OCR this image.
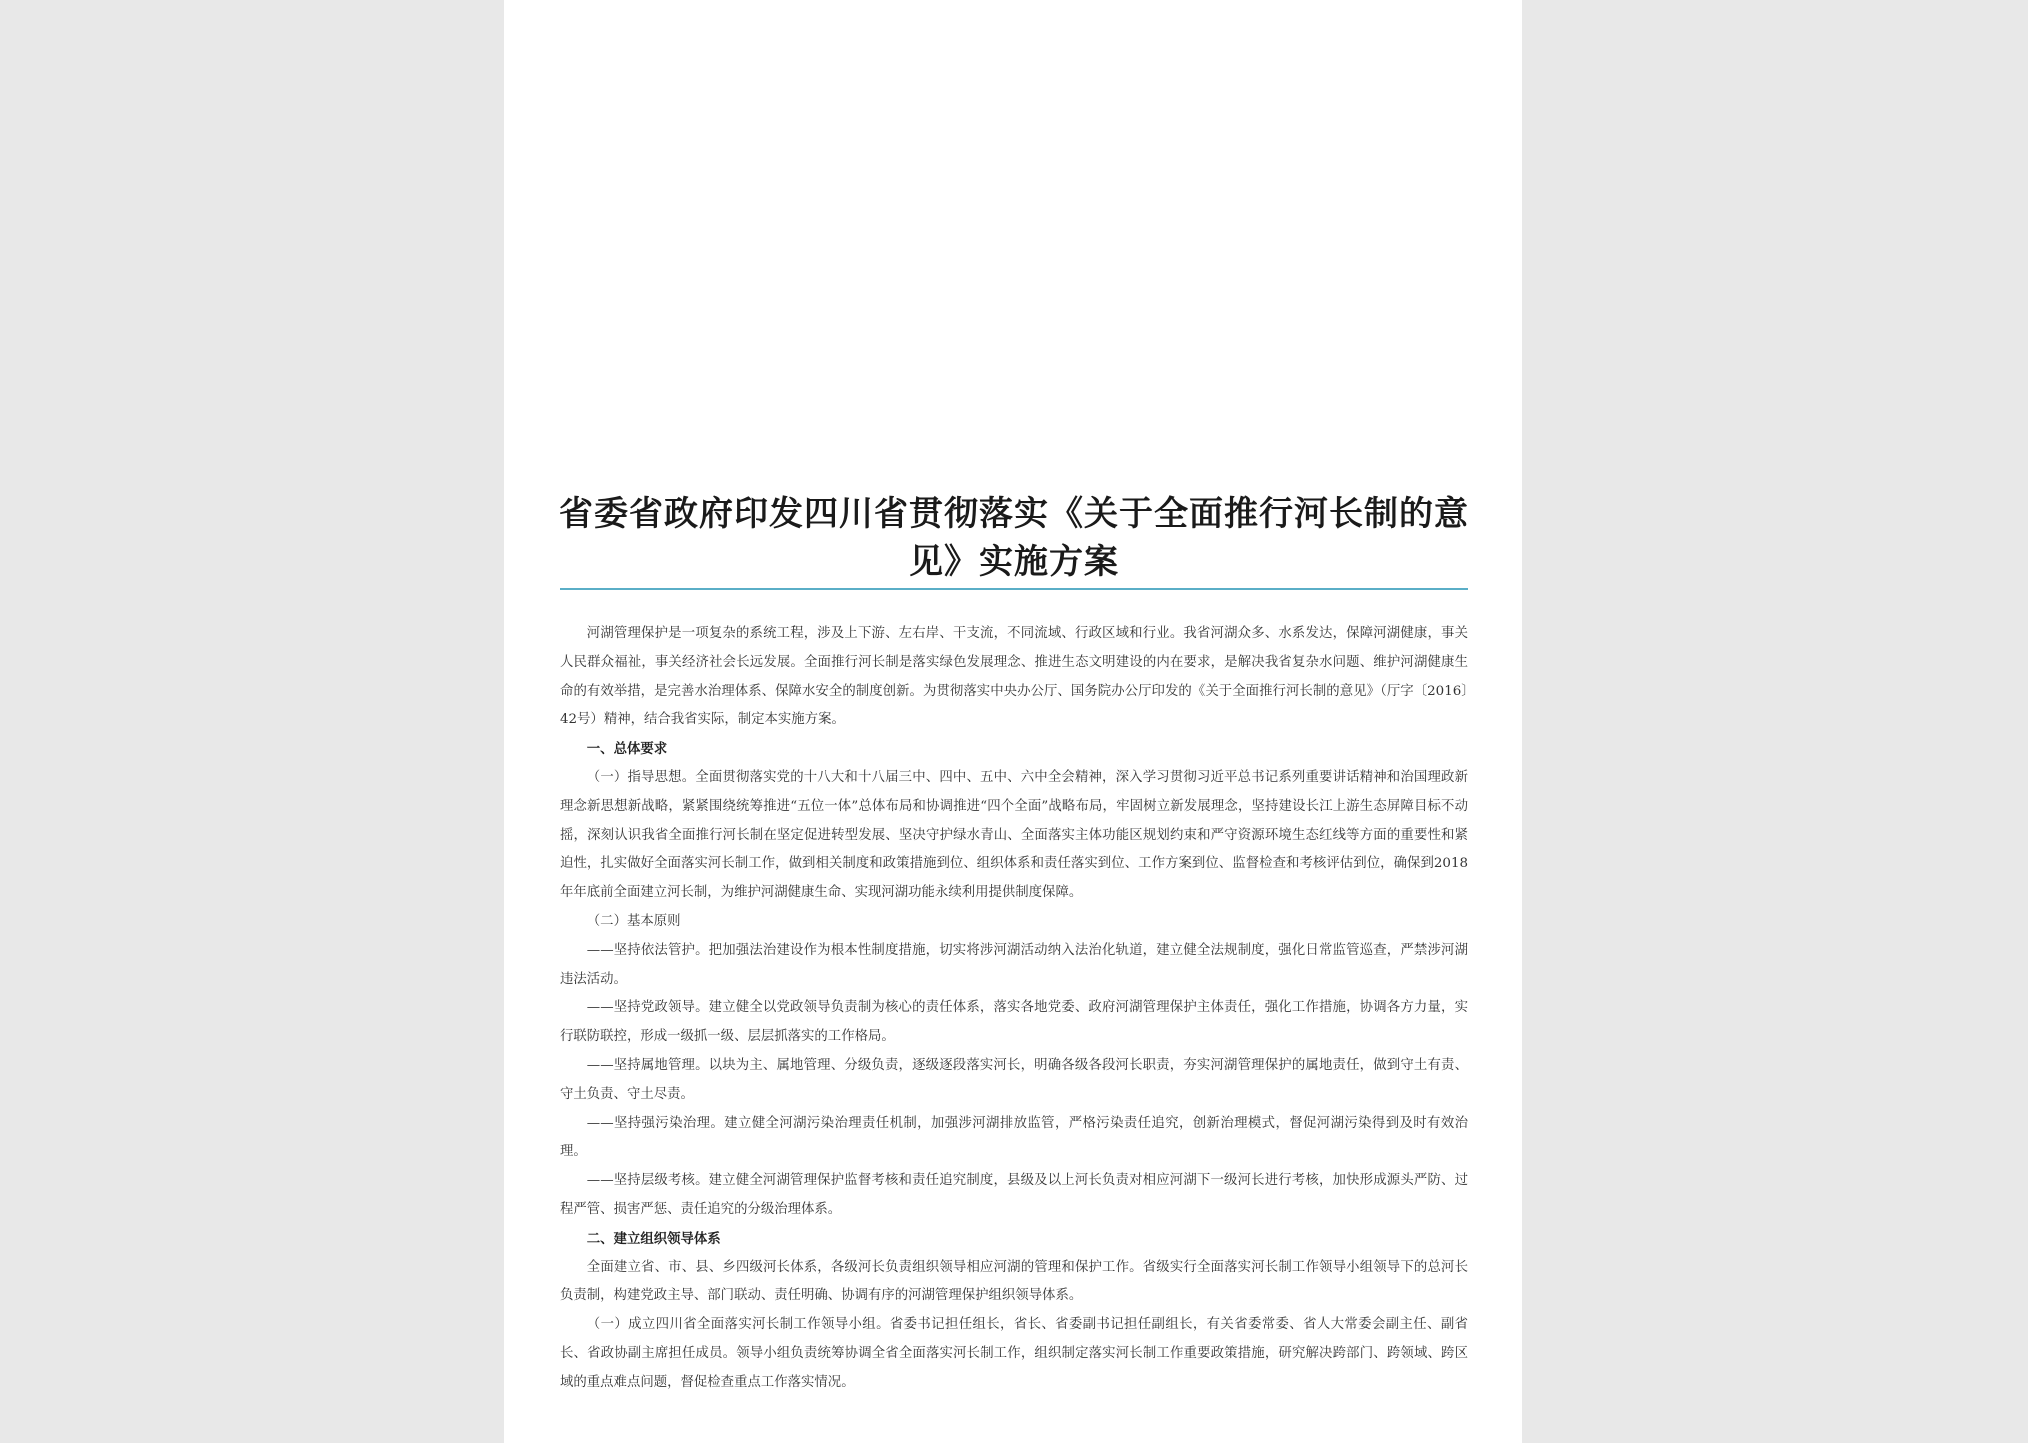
省委省政府印发四川省贯彻落实《关于全面推行河长制的意见》实施方案

河湖管理保护是一项复杂的系统工程，涉及上下游、左右岸、干支流，不同流域、行政区域和行业。我省河湖众多、水系发达，保障河湖健康，事关人民群众福祉，事关经济社会长远发展。全面推行河长制是落实绿色发展理念、推进生态文明建设的内在要求，是解决我省复杂水问题、维护河湖健康生命的有效举措，是完善水治理体系、保障水安全的制度创新。为贯彻落实中央办公厅、国务院办公厅印发的《关于全面推行河长制的意见》（厅字〔2016〕42号）精神，结合我省实际，制定本实施方案。

一、总体要求

（一）指导思想。全面贯彻落实党的十八大和十八届三中、四中、五中、六中全会精神，深入学习贯彻习近平总书记系列重要讲话精神和治国理政新理念新思想新战略，紧紧围绕统筹推进“五位一体”总体布局和协调推进“四个全面”战略布局，牢固树立新发展理念，坚持建设长江上游生态屏障目标不动摇，深刻认识我省全面推行河长制在坚定促进转型发展、坚决守护绿水青山、全面落实主体功能区规划约束和严守资源环境生态红线等方面的重要性和紧迫性，扎实做好全面落实河长制工作，做到相关制度和政策措施到位、组织体系和责任落实到位、工作方案到位、监督检查和考核评估到位，确保到2018年年底前全面建立河长制，为维护河湖健康生命、实现河湖功能永续利用提供制度保障。

（二）基本原则

——坚持依法管护。把加强法治建设作为根本性制度措施，切实将涉河湖活动纳入法治化轨道，建立健全法规制度，强化日常监管巡查，严禁涉河湖违法活动。

——坚持党政领导。建立健全以党政领导负责制为核心的责任体系，落实各地党委、政府河湖管理保护主体责任，强化工作措施，协调各方力量，实行联防联控，形成一级抓一级、层层抓落实的工作格局。

——坚持属地管理。以块为主、属地管理、分级负责，逐级逐段落实河长，明确各级各段河长职责，夯实河湖管理保护的属地责任，做到守土有责、守土负责、守土尽责。

——坚持强污染治理。建立健全河湖污染治理责任机制，加强涉河湖排放监管，严格污染责任追究，创新治理模式，督促河湖污染得到及时有效治理。

——坚持层级考核。建立健全河湖管理保护监督考核和责任追究制度，县级及以上河长负责对相应河湖下一级河长进行考核，加快形成源头严防、过程严管、损害严惩、责任追究的分级治理体系。

二、建立组织领导体系

全面建立省、市、县、乡四级河长体系，各级河长负责组织领导相应河湖的管理和保护工作。省级实行全面落实河长制工作领导小组领导下的总河长负责制，构建党政主导、部门联动、责任明确、协调有序的河湖管理保护组织领导体系。

（一）成立四川省全面落实河长制工作领导小组。省委书记担任组长，省长、省委副书记担任副组长，有关省委常委、省人大常委会副主任、副省长、省政协副主席担任成员。领导小组负责统筹协调全省全面落实河长制工作，组织制定落实河长制工作重要政策措施，研究解决跨部门、跨领域、跨区域的重点难点问题，督促检查重点工作落实情况。
